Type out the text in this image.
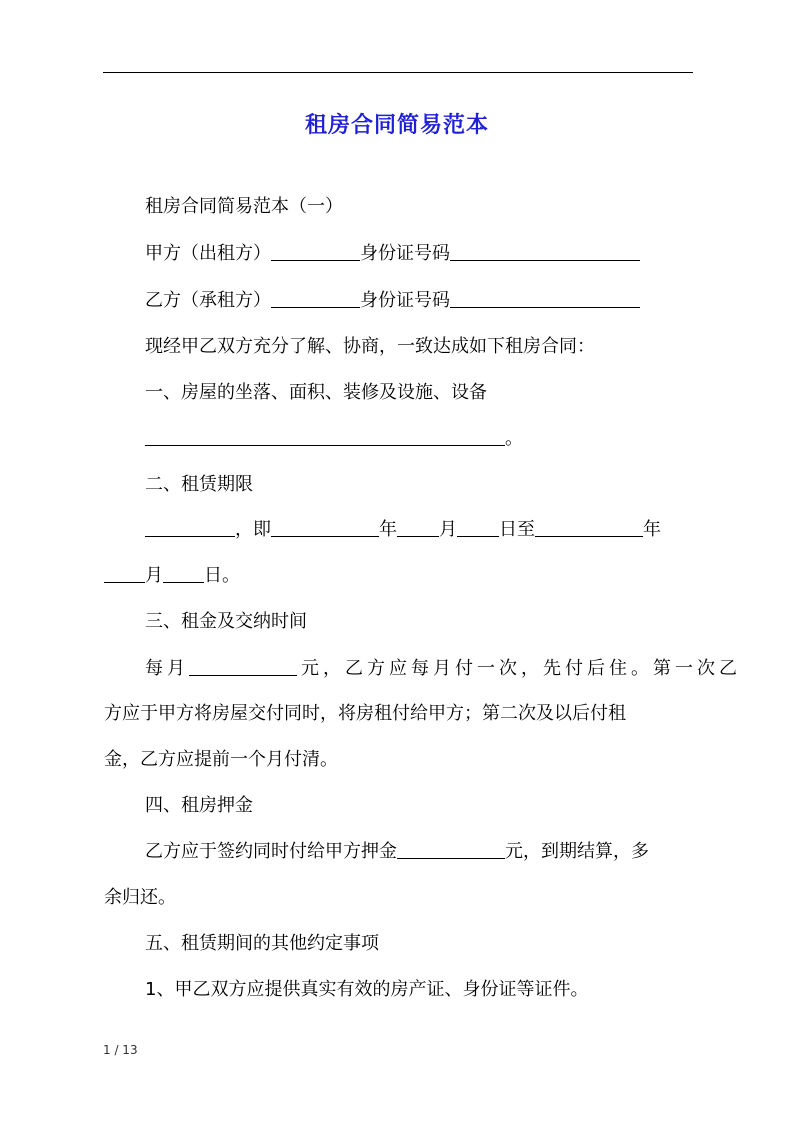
租房合同简易范本
租房合同简易范本（一）
甲方（出租方）	身份证号码
乙方（承租方）	身份证号码
现经甲乙双方充分了解、协商，一致达成如下租房合同：
一、房屋的坐落、面积、装修及设施、设备
。
二、租赁期限
，即	年 月 日至	年
月 日。
三、租金及交纳时间
每月	元，乙方应每月付一次，先付后住。第一次乙
方应于甲方将房屋交付同时，将房租付给甲方；第二次及以后付租
金，乙方应提前一个月付清。
四、租房押金
乙方应于签约同时付给甲方押金	元，到期结算，多
余归还。
五、租赁期间的其他约定事项
1、甲乙双方应提供真实有效的房产证、身份证等证件。
1 / 13
